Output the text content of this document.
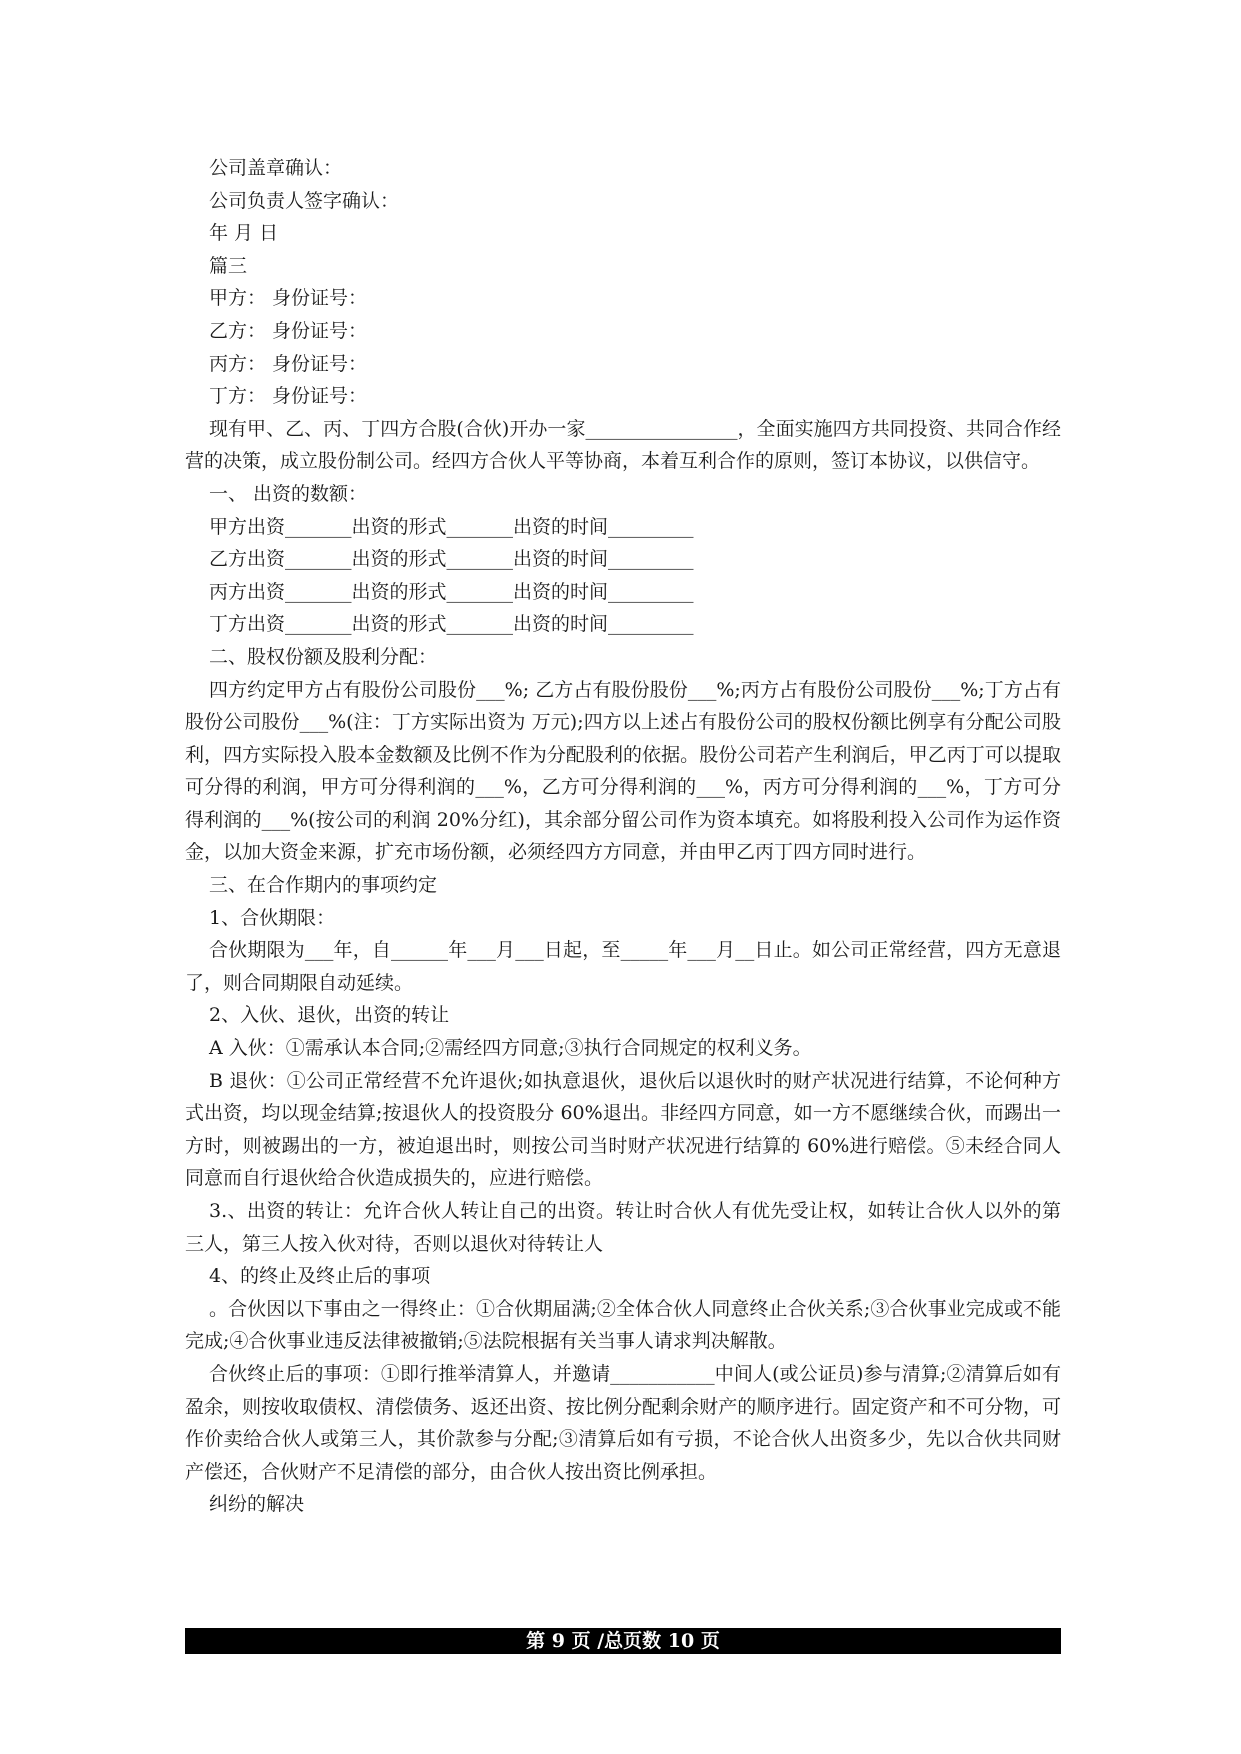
公司盖章确认：
公司负责人签字确认：
年 月 日
篇三
甲方： 身份证号：
乙方： 身份证号：
丙方： 身份证号：
丁方： 身份证号：
现有甲、乙、丙、丁四方合股(合伙)开办一家________________，全面实施四方共同投资、共同合作经营的决策，成立股份制公司。经四方合伙人平等协商，本着互利合作的原则，签订本协议，以供信守。
一、 出资的数额：
甲方出资_______出资的形式_______出资的时间_________
乙方出资_______出资的形式_______出资的时间_________
丙方出资_______出资的形式_______出资的时间_________
丁方出资_______出资的形式_______出资的时间_________
二、股权份额及股利分配：
四方约定甲方占有股份公司股份___%; 乙方占有股份股份___%;丙方占有股份公司股份___%;丁方占有股份公司股份___%(注：丁方实际出资为 万元);四方以上述占有股份公司的股权份额比例享有分配公司股利，四方实际投入股本金数额及比例不作为分配股利的依据。股份公司若产生利润后，甲乙丙丁可以提取可分得的利润，甲方可分得利润的___%，乙方可分得利润的___%，丙方可分得利润的___%，丁方可分得利润的___%(按公司的利润 20%分红)，其余部分留公司作为资本填充。如将股利投入公司作为运作资金，以加大资金来源，扩充市场份额，必须经四方方同意，并由甲乙丙丁四方同时进行。
三、在合作期内的事项约定
1、合伙期限：
合伙期限为___年，自______年___月___日起，至_____年___月__日止。如公司正常经营，四方无意退了，则合同期限自动延续。
2、入伙、退伙，出资的转让
A 入伙：①需承认本合同;②需经四方同意;③执行合同规定的权利义务。
B 退伙：①公司正常经营不允许退伙;如执意退伙，退伙后以退伙时的财产状况进行结算，不论何种方式出资，均以现金结算;按退伙人的投资股分 60%退出。非经四方同意，如一方不愿继续合伙，而踢出一方时，则被踢出的一方，被迫退出时，则按公司当时财产状况进行结算的 60%进行赔偿。⑤未经合同人同意而自行退伙给合伙造成损失的，应进行赔偿。
3.、出资的转让：允许合伙人转让自己的出资。转让时合伙人有优先受让权，如转让合伙人以外的第三人，第三人按入伙对待，否则以退伙对待转让人
4、的终止及终止后的事项
。合伙因以下事由之一得终止：①合伙期届满;②全体合伙人同意终止合伙关系;③合伙事业完成或不能完成;④合伙事业违反法律被撤销;⑤法院根据有关当事人请求判决解散。
合伙终止后的事项：①即行推举清算人，并邀请___________中间人(或公证员)参与清算;②清算后如有盈余，则按收取债权、清偿债务、返还出资、按比例分配剩余财产的顺序进行。固定资产和不可分物，可作价卖给合伙人或第三人，其价款参与分配;③清算后如有亏损，不论合伙人出资多少，先以合伙共同财产偿还，合伙财产不足清偿的部分，由合伙人按出资比例承担。
纠纷的解决
第 9 页 /总页数 10 页
